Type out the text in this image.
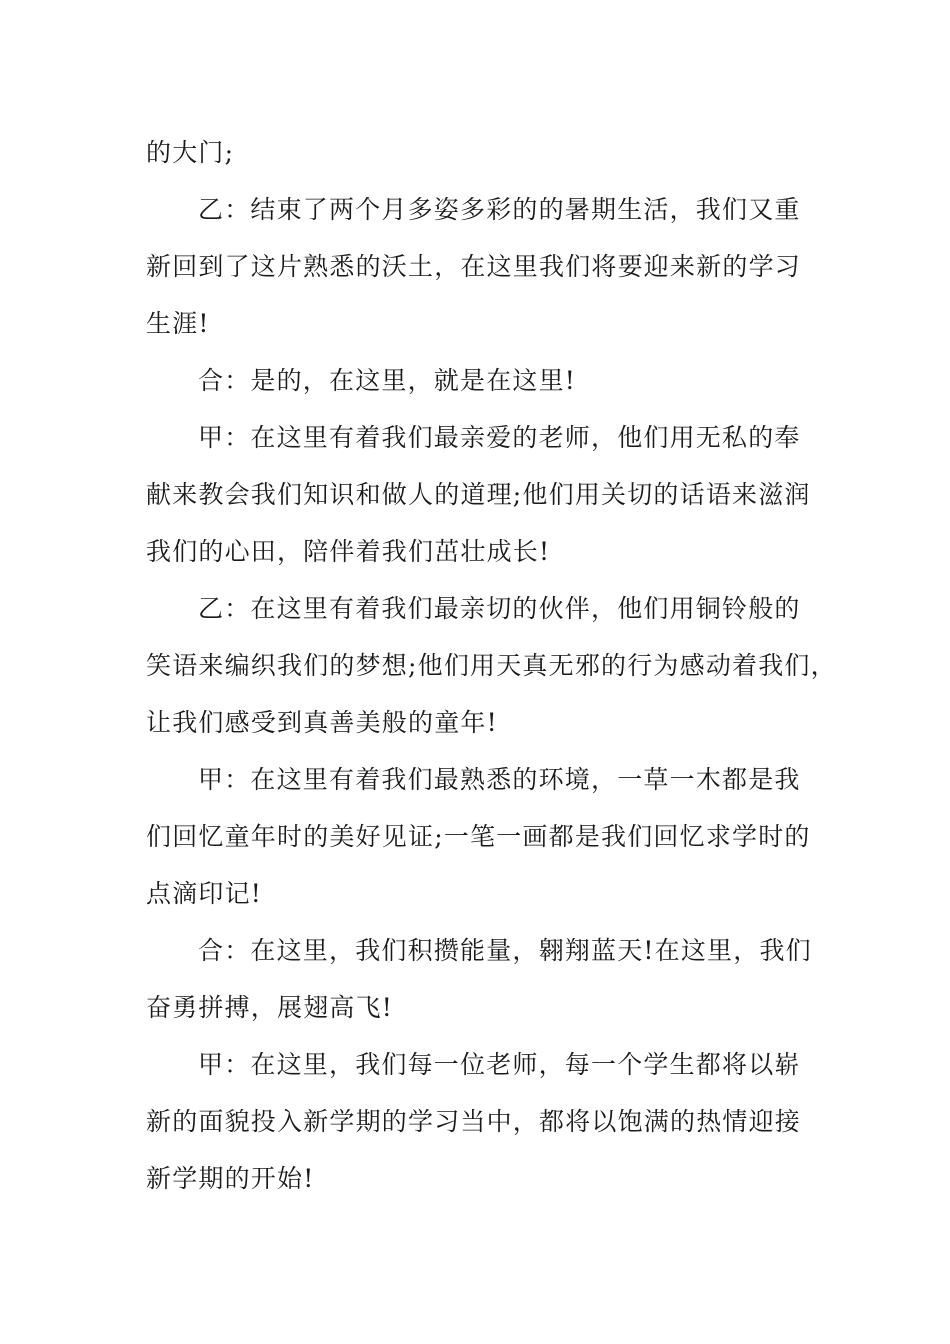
的大门;
乙：结束了两个月多姿多彩的的暑期生活，我们又重
新回到了这片熟悉的沃土，在这里我们将要迎来新的学习
生涯!
合：是的，在这里，就是在这里!
甲：在这里有着我们最亲爱的老师，他们用无私的奉
献来教会我们知识和做人的道理;他们用关切的话语来滋润
我们的心田，陪伴着我们茁壮成长!
乙：在这里有着我们最亲切的伙伴，他们用铜铃般的
笑语来编织我们的梦想;他们用天真无邪的行为感动着我们，
让我们感受到真善美般的童年!
甲：在这里有着我们最熟悉的环境，一草一木都是我
们回忆童年时的美好见证;一笔一画都是我们回忆求学时的
点滴印记!
合：在这里，我们积攒能量，翱翔蓝天!在这里，我们
奋勇拼搏，展翅高飞!
甲：在这里，我们每一位老师，每一个学生都将以崭
新的面貌投入新学期的学习当中，都将以饱满的热情迎接
新学期的开始!
